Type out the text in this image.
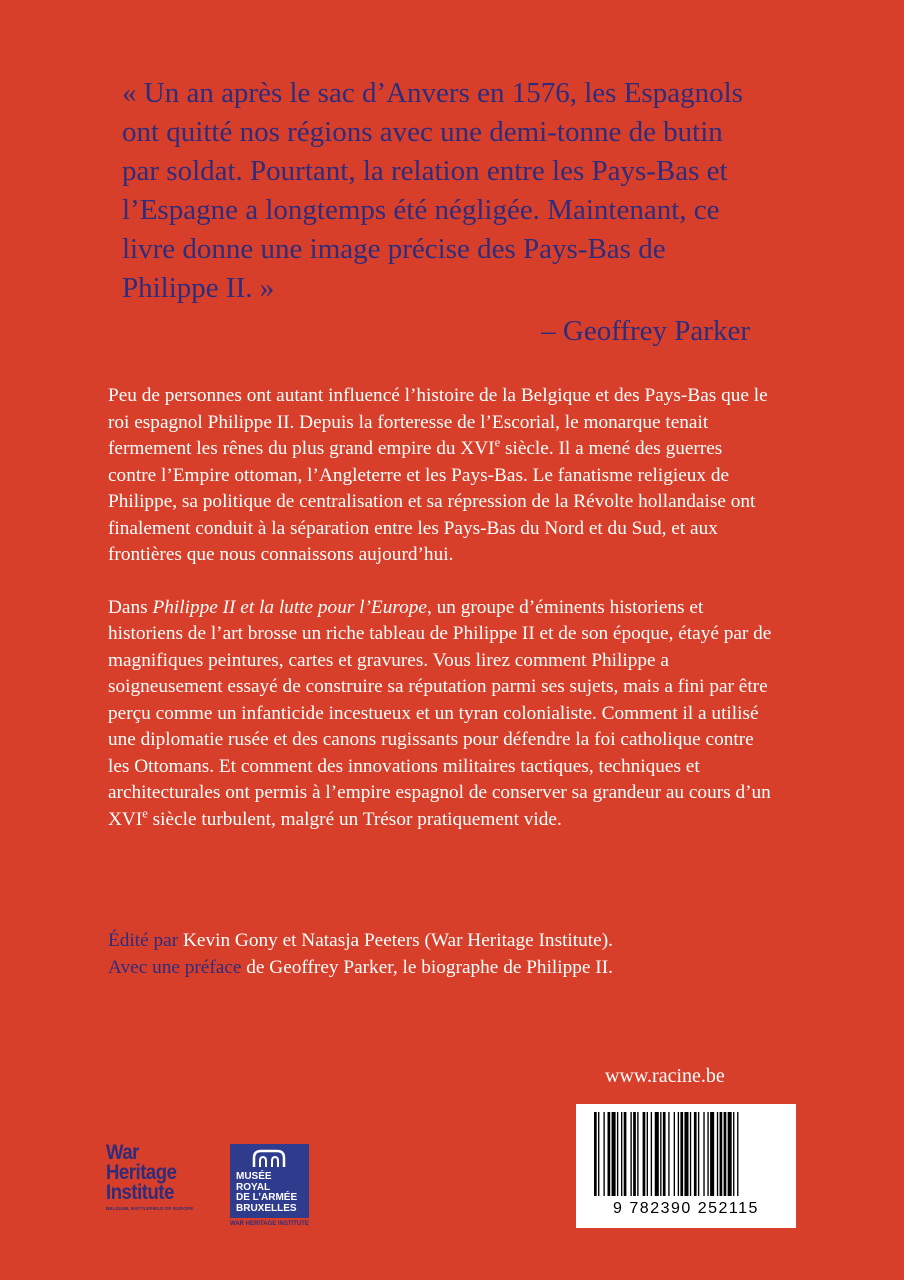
« Un an après le sac d’Anvers en 1576, les Espagnols ont quitté nos régions avec une demi-tonne de butin par soldat. Pourtant, la relation entre les Pays-Bas et l’Espagne a longtemps été négligée. Maintenant, ce livre donne une image précise des Pays-Bas de Philippe II. »

– Geoffrey Parker

Peu de personnes ont autant influencé l’histoire de la Belgique et des Pays-Bas que le roi espagnol Philippe II. Depuis la forteresse de l’Escorial, le monarque tenait fermement les rênes du plus grand empire du XVIe siècle. Il a mené des guerres contre l’Empire ottoman, l’Angleterre et les Pays-Bas. Le fanatisme religieux de Philippe, sa politique de centralisation et sa répression de la Révolte hollandaise ont finalement conduit à la séparation entre les Pays-Bas du Nord et du Sud, et aux frontières que nous connaissons aujourd’hui.

Dans Philippe II et la lutte pour l’Europe, un groupe d’éminents historiens et historiens de l’art brosse un riche tableau de Philippe II et de son époque, étayé par de magnifiques peintures, cartes et gravures. Vous lirez comment Philippe a soigneusement essayé de construire sa réputation parmi ses sujets, mais a fini par être perçu comme un infanticide incestueux et un tyran colonialiste. Comment il a utilisé une diplomatie rusée et des canons rugissants pour défendre la foi catholique contre les Ottomans. Et comment des innovations militaires tactiques, techniques et architecturales ont permis à l’empire espagnol de conserver sa grandeur au cours d’un XVIe siècle turbulent, malgré un Trésor pratiquement vide.

Édité par Kevin Gony et Natasja Peeters (War Heritage Institute).

Avec une préface de Geoffrey Parker, le biographe de Philippe II.

www.racine.be
9 782390 252115
War
Heritage
Institute
BELGIUM, BATTLEFIELD OF EUROPE
MUSÉE ROYAL
DE L’ARMÉE
BRUXELLES
WAR HERITAGE INSTITUTE
